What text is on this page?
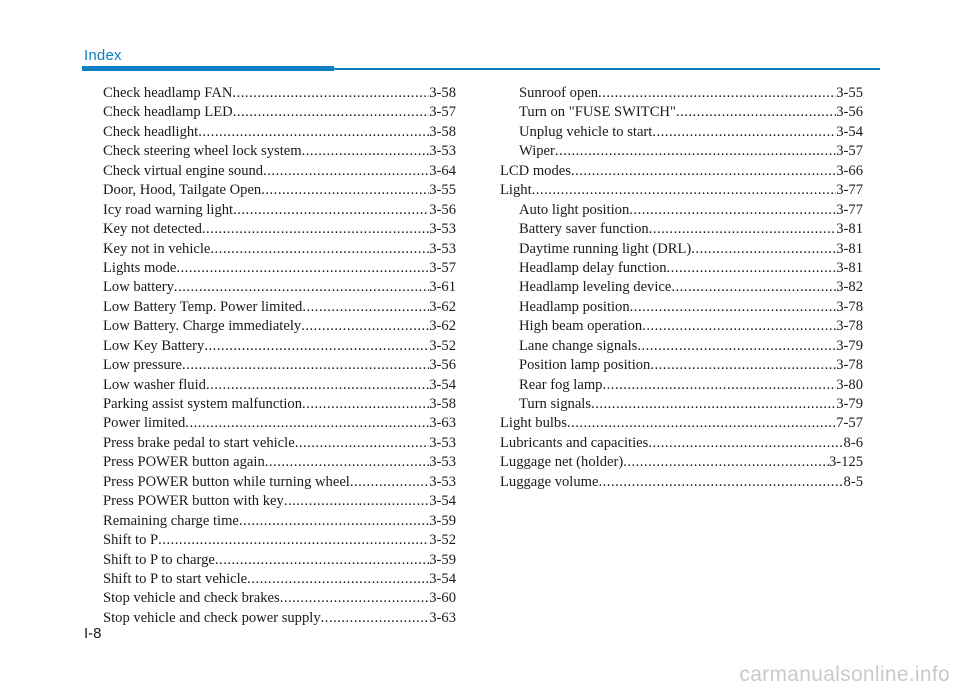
Index
Check headlamp FAN .....	3-58
Check headlamp LED .....	3-57
Check headlight .....	3-58
Check steering wheel lock system .....	3-53
Check virtual engine sound .....	3-64
Door, Hood, Tailgate Open .....	3-55
Icy road warning light .....	3-56
Key not detected .....	3-53
Key not in vehicle .....	3-53
Lights mode .....	3-57
Low battery .....	3-61
Low Battery Temp. Power limited .....	3-62
Low Battery. Charge immediately .....	3-62
Low Key Battery .....	3-52
Low pressure .....	3-56
Low washer fluid .....	3-54
Parking assist system malfunction .....	3-58
Power limited .....	3-63
Press brake pedal to start vehicle .....	3-53
Press POWER button again .....	3-53
Press POWER button while turning wheel .....	3-53
Press POWER button with key .....	3-54
Remaining charge time .....	3-59
Shift to P .....	3-52
Shift to P to charge .....	3-59
Shift to P to start vehicle .....	3-54
Stop vehicle and check brakes .....	3-60
Stop vehicle and check power supply .....	3-63
Sunroof open .....	3-55
Turn on "FUSE SWITCH" .....	3-56
Unplug vehicle to start .....	3-54
Wiper .....	3-57
LCD modes .....	3-66
Light .....	3-77
Auto light position .....	3-77
Battery saver function .....	3-81
Daytime running light (DRL) .....	3-81
Headlamp delay function .....	3-81
Headlamp leveling device .....	3-82
Headlamp position .....	3-78
High beam operation .....	3-78
Lane change signals .....	3-79
Position lamp position .....	3-78
Rear fog lamp .....	3-80
Turn signals .....	3-79
Light bulbs .....	7-57
Lubricants and capacities .....	8-6
Luggage net (holder) .....	3-125
Luggage volume .....	8-5
I-8
carmanualsonline.info
